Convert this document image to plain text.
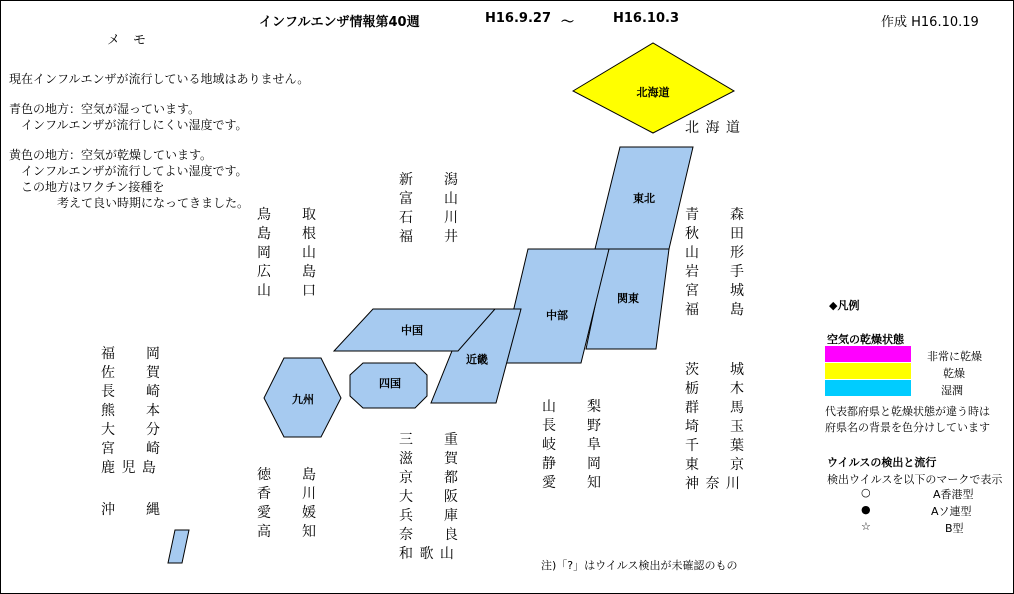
インフルエンザ情報第40週	H16.9.27 ～	H16.10.3	作成 H16.10.19
メ　モ
現在インフルエンザが流行している地域はありません。
青色の地方：空気が湿っています。
　インフルエンザが流行しにくい湿度です。
黄色の地方：空気が乾燥しています。
　インフルエンザが流行してよい湿度です。
　この地方はワクチン接種を
　　　　考えて良い時期になってきました。
北海道
東北
関東
中部
近畿
中国
四国
九州
北 海 道
青　　森
秋　　田
山　　形
岩　　手
宮　　城
福　　島
茨　　城
栃　　木
群　　馬
埼　　玉
千　　葉
東　　京
神 奈 川
新　　潟
富　　山
石　　川
福　　井
山　　梨
長　　野
岐　　阜
静　　岡
愛　　知
三　　重
滋　　賀
京　　都
大　　阪
兵　　庫
奈　　良
和 歌 山
鳥　　取
島　　根
岡　　山
広　　島
山　　口
徳　　島
香　　川
愛　　媛
高　　知
福　　岡
佐　　賀
長　　崎
熊　　本
大　　分
宮　　崎
鹿 児 島
沖　　縄
◆凡例
空気の乾燥状態
非常に乾燥
乾燥
湿潤
代表都府県と乾燥状態が違う時は
府県名の背景を色分けしています
ウイルスの検出と流行
検出ウイルスを以下のマークで表示
○	A香港型
●	Aソ連型
☆	B型
注)「?」はウイルス検出が未確認のもの
